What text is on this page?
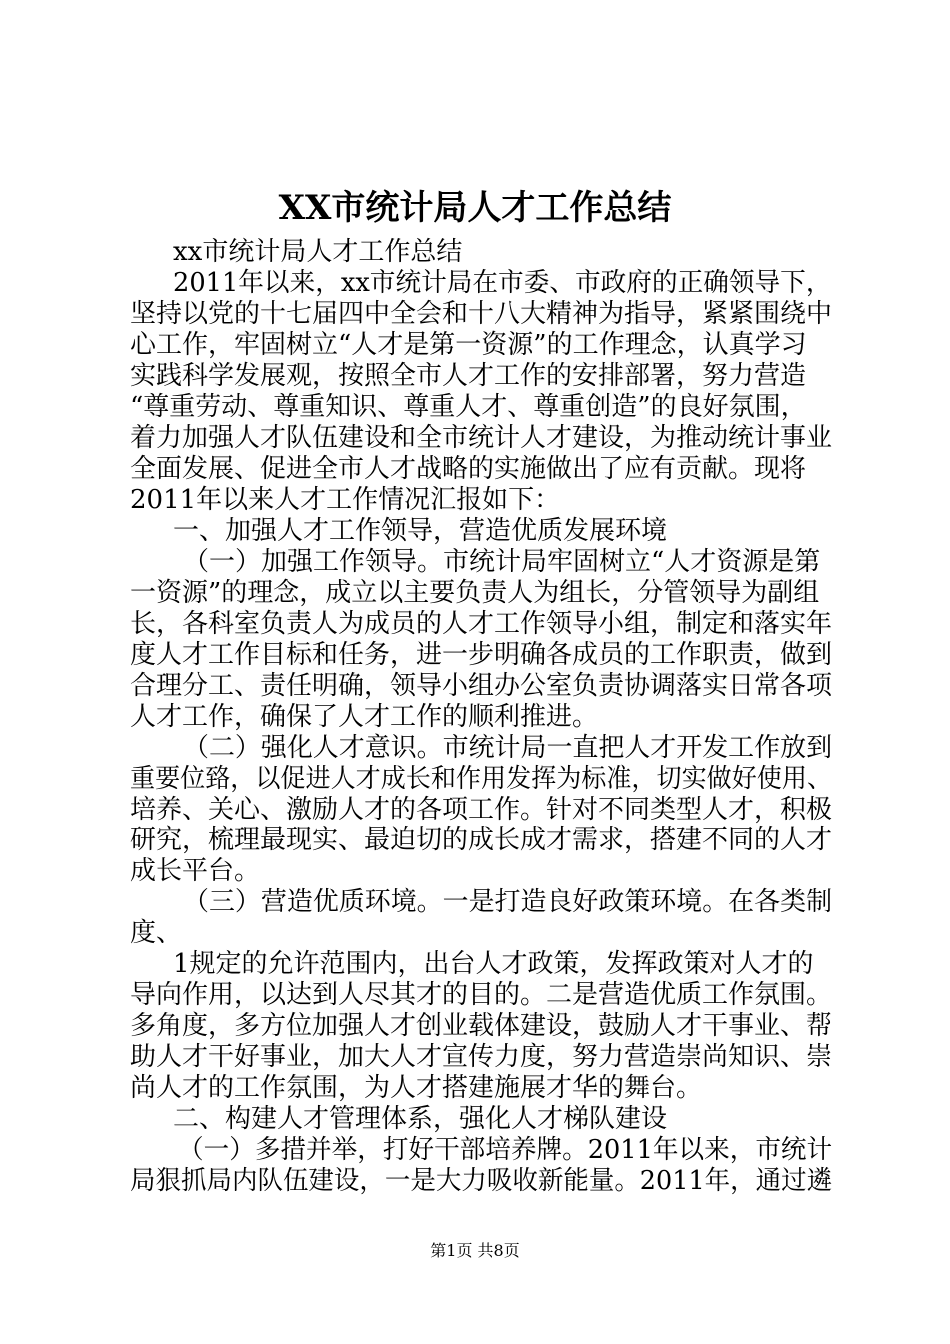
XX市统计局人才工作总结
xx市统计局人才工作总结
2011年以来，xx市统计局在市委、市政府的正确领导下，
坚持以党的十七届四中全会和十八大精神为指导，紧紧围绕中
心工作，牢固树立“人才是第一资源”的工作理念，认真学习
实践科学发展观，按照全市人才工作的安排部署，努力营造
“尊重劳动、尊重知识、尊重人才、尊重创造”的良好氛围，
着力加强人才队伍建设和全市统计人才建设，为推动统计事业
全面发展、促进全市人才战略的实施做出了应有贡献。现将
2011年以来人才工作情况汇报如下：
一、加强人才工作领导，营造优质发展环境
（一）加强工作领导。市统计局牢固树立“人才资源是第
一资源”的理念，成立以主要负责人为组长，分管领导为副组
长，各科室负责人为成员的人才工作领导小组，制定和落实年
度人才工作目标和任务，进一步明确各成员的工作职责，做到
合理分工、责任明确，领导小组办公室负责协调落实日常各项
人才工作，确保了人才工作的顺利推进。
（二）强化人才意识。市统计局一直把人才开发工作放到
重要位臵，以促进人才成长和作用发挥为标准，切实做好使用、
培养、关心、激励人才的各项工作。针对不同类型人才，积极
研究，梳理最现实、最迫切的成长成才需求，搭建不同的人才
成长平台。
（三）营造优质环境。一是打造良好政策环境。在各类制
度、
1规定的允许范围内，出台人才政策，发挥政策对人才的
导向作用，以达到人尽其才的目的。二是营造优质工作氛围。
多角度，多方位加强人才创业载体建设，鼓励人才干事业、帮
助人才干好事业，加大人才宣传力度，努力营造崇尚知识、崇
尚人才的工作氛围，为人才搭建施展才华的舞台。
二、构建人才管理体系，强化人才梯队建设
（一）多措并举，打好干部培养牌。2011年以来，市统计
局狠抓局内队伍建设，一是大力吸收新能量。2011年，通过遴
第1页 共8页
